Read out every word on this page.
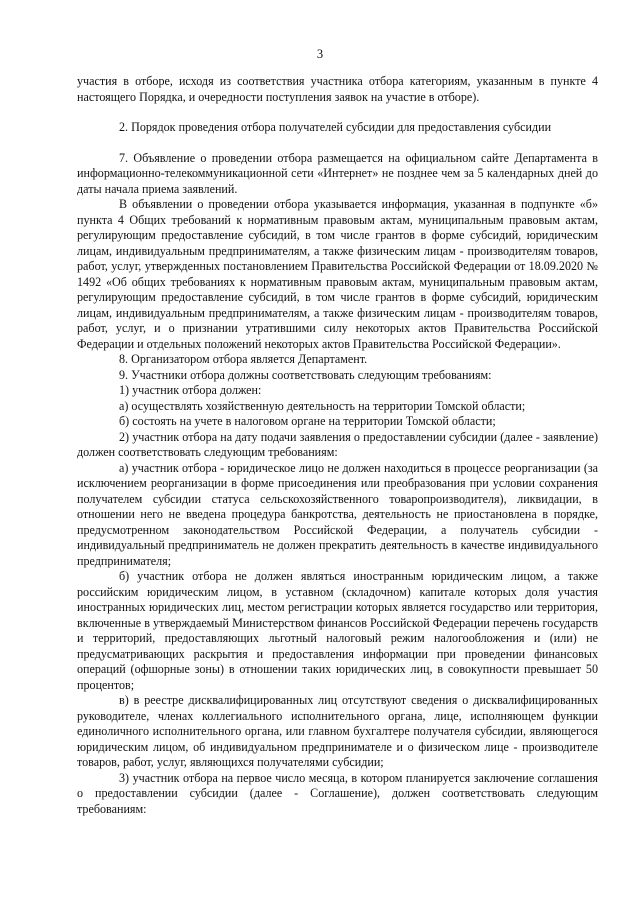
3

участия в отборе, исходя из соответствия участника отбора категориям, указанным в пункте 4 настоящего Порядка, и очередности поступления заявок на участие в отборе).

2. Порядок проведения отбора получателей субсидии для предоставления субсидии

7. Объявление о проведении отбора размещается на официальном сайте Департамента в информационно-телекоммуникационной сети «Интернет» не позднее чем за 5 календарных дней до даты начала приема заявлений.

В объявлении о проведении отбора указывается информация, указанная в подпункте «б» пункта 4 Общих требований к нормативным правовым актам, муниципальным правовым актам, регулирующим предоставление субсидий, в том числе грантов в форме субсидий, юридическим лицам, индивидуальным предпринимателям, а также физическим лицам - производителям товаров, работ, услуг, утвержденных постановлением Правительства Российской Федерации от 18.09.2020 № 1492 «Об общих требованиях к нормативным правовым актам, муниципальным правовым актам, регулирующим предоставление субсидий, в том числе грантов в форме субсидий, юридическим лицам, индивидуальным предпринимателям, а также физическим лицам - производителям товаров, работ, услуг, и о признании утратившими силу некоторых актов Правительства Российской Федерации и отдельных положений некоторых актов Правительства Российской Федерации».

8. Организатором отбора является Департамент.

9. Участники отбора должны соответствовать следующим требованиям:

1) участник отбора должен:

а) осуществлять хозяйственную деятельность на территории Томской области;

б) состоять на учете в налоговом органе на территории Томской области;

2) участник отбора на дату подачи заявления о предоставлении субсидии (далее - заявление) должен соответствовать следующим требованиям:

а) участник отбора - юридическое лицо не должен находиться в процессе реорганизации (за исключением реорганизации в форме присоединения или преобразования при условии сохранения получателем субсидии статуса сельскохозяйственного товаропроизводителя), ликвидации, в отношении него не введена процедура банкротства, деятельность не приостановлена в порядке, предусмотренном законодательством Российской Федерации, а получатель субсидии - индивидуальный предприниматель не должен прекратить деятельность в качестве индивидуального предпринимателя;

б) участник отбора не должен являться иностранным юридическим лицом, а также российским юридическим лицом, в уставном (складочном) капитале которых доля участия иностранных юридических лиц, местом регистрации которых является государство или территория, включенные в утверждаемый Министерством финансов Российской Федерации перечень государств и территорий, предоставляющих льготный налоговый режим налогообложения и (или) не предусматривающих раскрытия и предоставления информации при проведении финансовых операций (офшорные зоны) в отношении таких юридических лиц, в совокупности превышает 50 процентов;

в) в реестре дисквалифицированных лиц отсутствуют сведения о дисквалифицированных руководителе, членах коллегиального исполнительного органа, лице, исполняющем функции единоличного исполнительного органа, или главном бухгалтере получателя субсидии, являющегося юридическим лицом, об индивидуальном предпринимателе и о физическом лице - производителе товаров, работ, услуг, являющихся получателями субсидии;

3) участник отбора на первое число месяца, в котором планируется заключение соглашения о предоставлении субсидии (далее - Соглашение), должен соответствовать следующим требованиям:
